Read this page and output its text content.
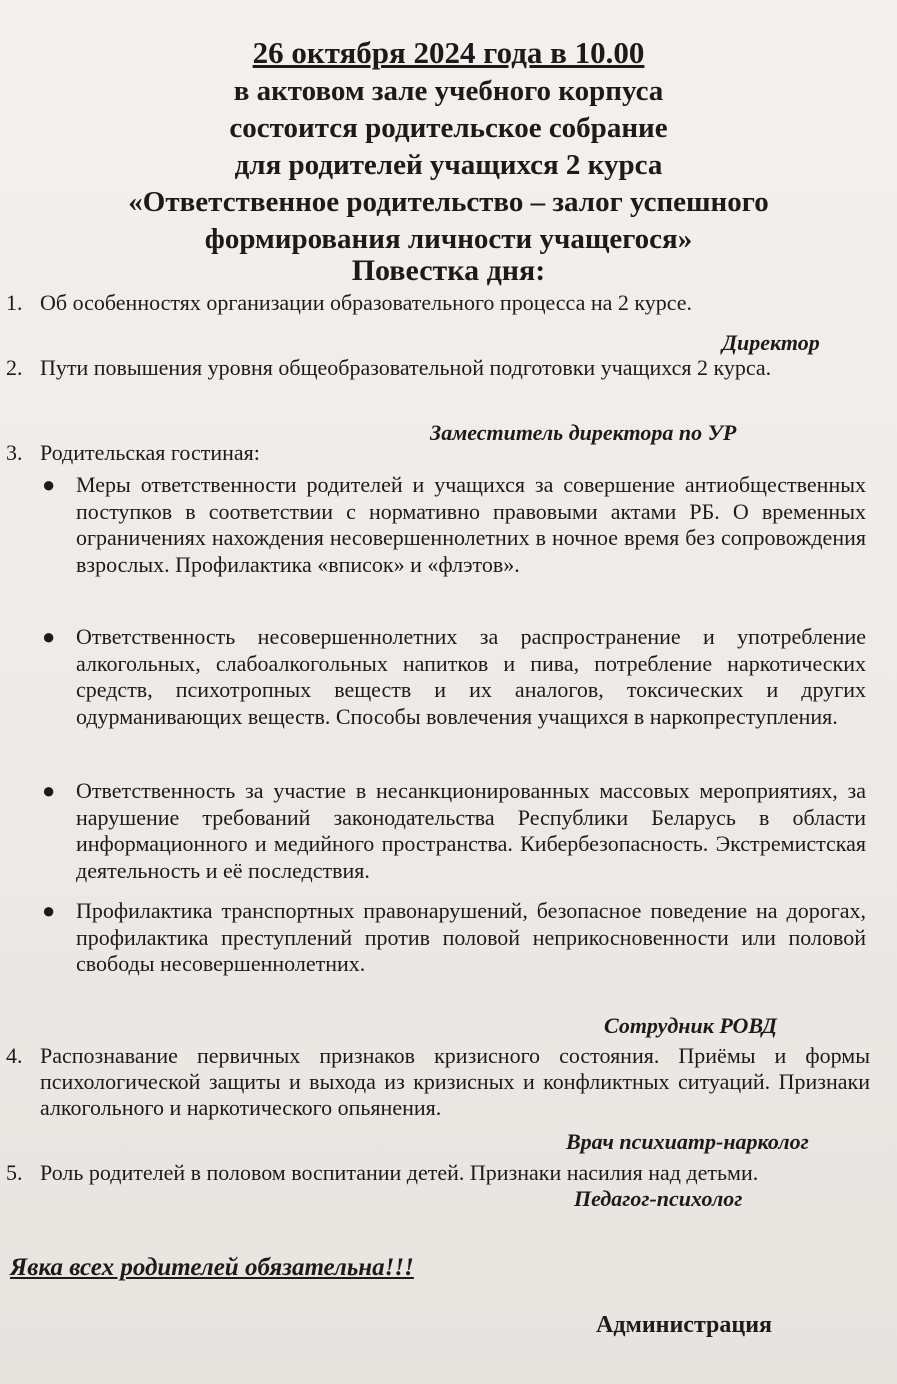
26 октября 2024 года в 10.00
в актовом зале учебного корпуса
состоится родительское собрание
для родителей учащихся 2 курса
«Ответственное родительство – залог успешного
формирования личности учащегося»
Повестка дня:
1. Об особенностях организации образовательного процесса на 2 курсе.
Директор
2. Пути повышения уровня общеобразовательной подготовки учащихся 2 курса.
Заместитель директора по УР
3. Родительская гостиная:
● Меры ответственности родителей и учащихся за совершение антиобщественных поступков в соответствии с нормативно правовыми актами РБ. О временных ограничениях нахождения несовершеннолетних в ночное время без сопровождения взрослых. Профилактика «вписок» и «флэтов».
● Ответственность несовершеннолетних за распространение и употребление алкогольных, слабоалкогольных напитков и пива, потребление наркотических средств, психотропных веществ и их аналогов, токсических и других одурманивающих веществ. Способы вовлечения учащихся в наркопреступления.
● Ответственность за участие в несанкционированных массовых мероприятиях, за нарушение требований законодательства Республики Беларусь в области информационного и медийного пространства. Кибербезопасность. Экстремистская деятельность и её последствия.
● Профилактика транспортных правонарушений, безопасное поведение на дорогах, профилактика преступлений против половой неприкосновенности или половой свободы несовершеннолетних.
Сотрудник РОВД
4. Распознавание первичных признаков кризисного состояния. Приёмы и формы психологической защиты и выхода из кризисных и конфликтных ситуаций. Признаки алкогольного и наркотического опьянения.
Врач психиатр-нарколог
5. Роль родителей в половом воспитании детей. Признаки насилия над детьми.
Педагог-психолог
Явка всех родителей обязательна!!!
Администрация
